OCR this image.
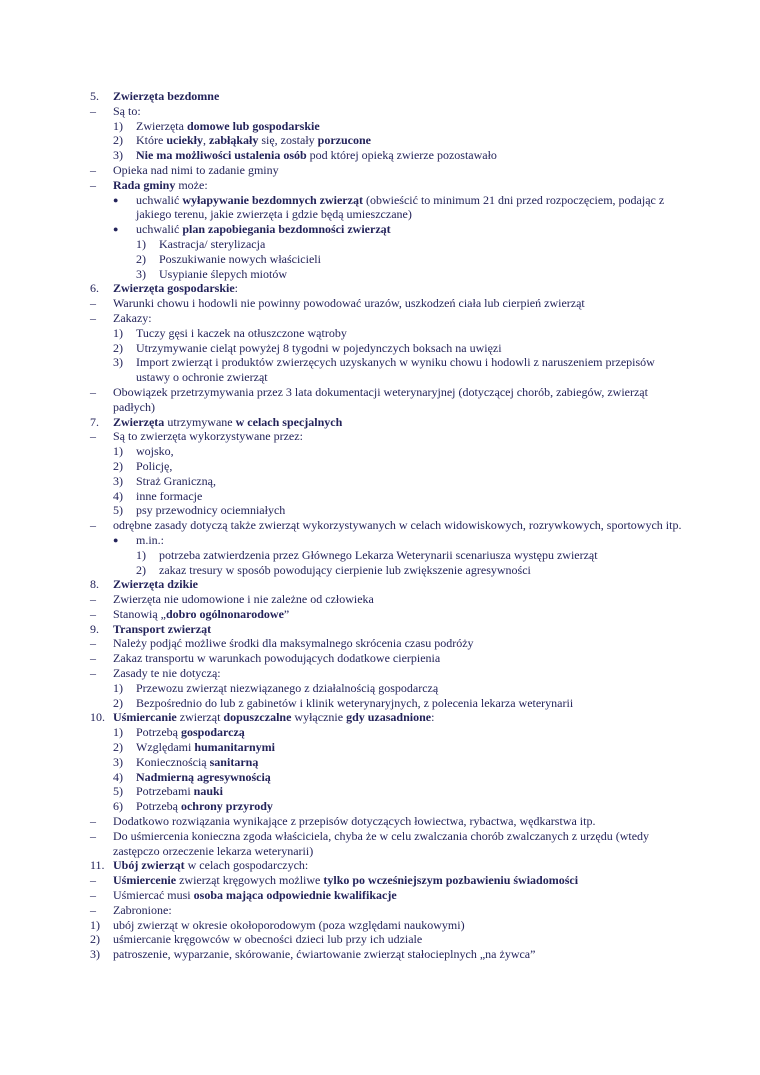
5. Zwierzęta bezdomne
– Są to:
1) Zwierzęta domowe lub gospodarskie
2) Które uciekły, zabłąkały się, zostały porzucone
3) Nie ma możliwości ustalenia osób pod której opieką zwierze pozostawało
– Opieka nad nimi to zadanie gminy
– Rada gminy może:
● uchwalić wyłapywanie bezdomnych zwierząt (obwieścić to minimum 21 dni przed rozpoczęciem, podając z jakiego terenu, jakie zwierzęta i gdzie będą umieszczane)
● uchwalić plan zapobiegania bezdomności zwierząt
1) Kastracja/ sterylizacja
2) Poszukiwanie nowych właścicieli
3) Usypianie ślepych miotów
6. Zwierzęta gospodarskie:
– Warunki chowu i hodowli nie powinny powodować urazów, uszkodzeń ciała lub cierpień zwierząt
– Zakazy:
1) Tuczy gęsi i kaczek na otłuszczone wątroby
2) Utrzymywanie cieląt powyżej 8 tygodni w pojedynczych boksach na uwięzi
3) Import zwierząt i produktów zwierzęcych uzyskanych w wyniku chowu i hodowli z naruszeniem przepisów ustawy o ochronie zwierząt
– Obowiązek przetrzymywania przez 3 lata dokumentacji weterynaryjnej (dotyczącej chorób, zabiegów, zwierząt padłych)
7. Zwierzęta utrzymywane w celach specjalnych
– Są to zwierzęta wykorzystywane przez:
1) wojsko,
2) Policję,
3) Straż Graniczną,
4) inne formacje
5) psy przewodnicy ociemniałych
– odrębne zasady dotyczą także zwierząt wykorzystywanych w celach widowiskowych, rozrywkowych, sportowych itp.
● m.in.:
1) potrzeba zatwierdzenia przez Głównego Lekarza Weterynarii scenariusza występu zwierząt
2) zakaz tresury w sposób powodujący cierpienie lub zwiększenie agresywności
8. Zwierzęta dzikie
– Zwierzęta nie udomowione i nie zależne od człowieka
– Stanowią „dobro ogólnonarodowe”
9. Transport zwierząt
– Należy podjąć możliwe środki dla maksymalnego skrócenia czasu podróży
– Zakaz transportu w warunkach powodujących dodatkowe cierpienia
– Zasady te nie dotyczą:
1) Przewozu zwierząt niezwiązanego z działalnością gospodarczą
2) Bezpośrednio do lub z gabinetów i klinik weterynaryjnych, z polecenia lekarza weterynarii
10. Uśmiercanie zwierząt dopuszczalne wyłącznie gdy uzasadnione:
1) Potrzebą gospodarczą
2) Względami humanitarnymi
3) Koniecznością sanitarną
4) Nadmierną agresywnością
5) Potrzebami nauki
6) Potrzebą ochrony przyrody
– Dodatkowo rozwiązania wynikające z przepisów dotyczących łowiectwa, rybactwa, wędkarstwa itp.
– Do uśmiercenia konieczna zgoda właściciela, chyba że w celu zwalczania chorób zwalczanych z urzędu (wtedy zastępczo orzeczenie lekarza weterynarii)
11. Ubój zwierząt w celach gospodarczych:
– Uśmiercenie zwierząt kręgowych możliwe tylko po wcześniejszym pozbawieniu świadomości
– Uśmiercać musi osoba mająca odpowiednie kwalifikacje
– Zabronione:
1) ubój zwierząt w okresie okołoporodowym (poza względami naukowymi)
2) uśmiercanie kręgowców w obecności dzieci lub przy ich udziale
3) patroszenie, wyparzanie, skórowanie, ćwiartowanie zwierząt stałocieplnych „na żywca”
